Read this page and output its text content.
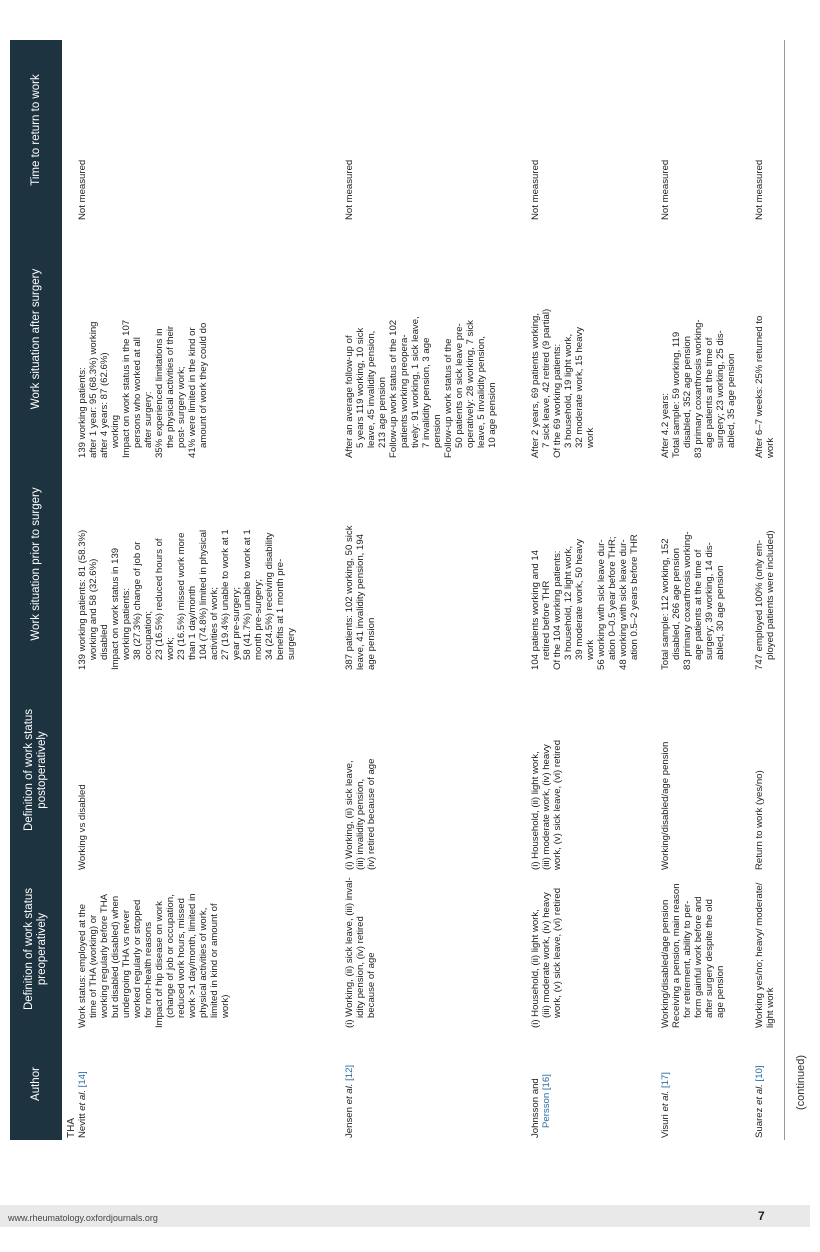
Author
Definition of work status preoperatively
Definition of work status postoperatively
Work situation prior to surgery
Work situation after surgery
Time to return to work
THA Nevitt et al. [14]
Work status: employed at the time of THA (working) or working regularly before THA but disabled (disabled) when undergoing THA vs never worked regularly or stopped for non-health reasons Impact of hip disease on work (change of job or occupation, reduced work hours, missed work >1 day/month, limited in physical activities of work, limited in kind or amount of work)
Working vs disabled
139 working patients: 81 (58.3%) working and 58 (32.6%) disabled Impact on work status in 139 working patients: 38 (27.3%) change of job or occupation; 23 (16.5%) reduced hours of work; 23 (16.5%) missed work more than 1 day/month 104 (74.8%) limited in physical activities of work; 27 (19.4%) unable to work at 1 year pre-surgery; 58 (41.7%) unable to work at 1 month pre-surgery; 34 (24.5%) receiving disability benefits at 1 month pre- surgery
139 working patients: after 1 year: 95 (68.3%) working after 4 years: 87 (62.6%) working Impact on work status in the 107 persons who worked at all after surgery: 35% experienced limitations in the physical activities of their post- surgery work; 41% were limited in the kind or amount of work they could do
Not measured
Jensen et al. [12]
(i) Working, (ii) sick leave, (iii) inval- idity pension, (iv) retired because of age
(i) Working, (ii) sick leave, (iii) invalidity pension, (iv) retired because of age
387 patients: 102 working, 50 sick leave, 41 invalidity pension, 194 age pension
After an average follow-up of 5 years 119 working, 10 sick leave, 45 invalidity pension, 213 age pension Follow-up work status of the 102 patients working preopera- tively: 91 working, 1 sick leave, 7 invalidity pension, 3 age pension Follow-up work status of the 50 patients on sick leave pre- operatively: 28 working, 7 sick leave, 5 invalidity pension, 10 age pension
Not measured
Johnsson and Persson [16]
(i) Household, (ii) light work, (iii) moderate work, (iv) heavy work, (v) sick leave, (vi) retired
(i) Household, (ii) light work, (iii) moderate work, (iv) heavy work, (v) sick leave, (vi) retired
104 patients working and 14 retired before THR Of the 104 working patients: 3 household, 12 light work, 39 moderate work, 50 heavy work 56 working with sick leave dur- ation 0–0.5 year before THR; 48 working with sick leave dur- ation 0.5–2 years before THR
After 2 years, 69 patients working, 7 sick leave, 42 retired (9 partial) Of the 69 working patients: 3 household, 19 light work, 32 moderate work, 15 heavy work
Not measured
Visuri et al. [17]
Working/disabled/age pension Receiving a pension, main reason for retirement, ability to per- form gainful work before and after surgery despite the old age pension
Working/disabled/age pension
Total sample: 112 working, 152 disabled, 266 age pension 83 primary coxarthrosis working- age patients at the time of surgery; 39 working, 14 dis- abled, 30 age pension
After 4.2 years: Total sample: 59 working, 119 disabled, 352 age pension 83 primary coxarthrosis working- age patients at the time of surgery; 23 working, 25 dis- abled, 35 age pension
Not measured
Suarez et al. [10]
Working yes/no; heavy/ moderate/ light work
Return to work (yes/no)
747 employed 100% (only em- ployed patients were included)
After 6–7 weeks: 25% returned to work
Not measured
(continued)
www.rheumatology.oxfordjournals.org	7
